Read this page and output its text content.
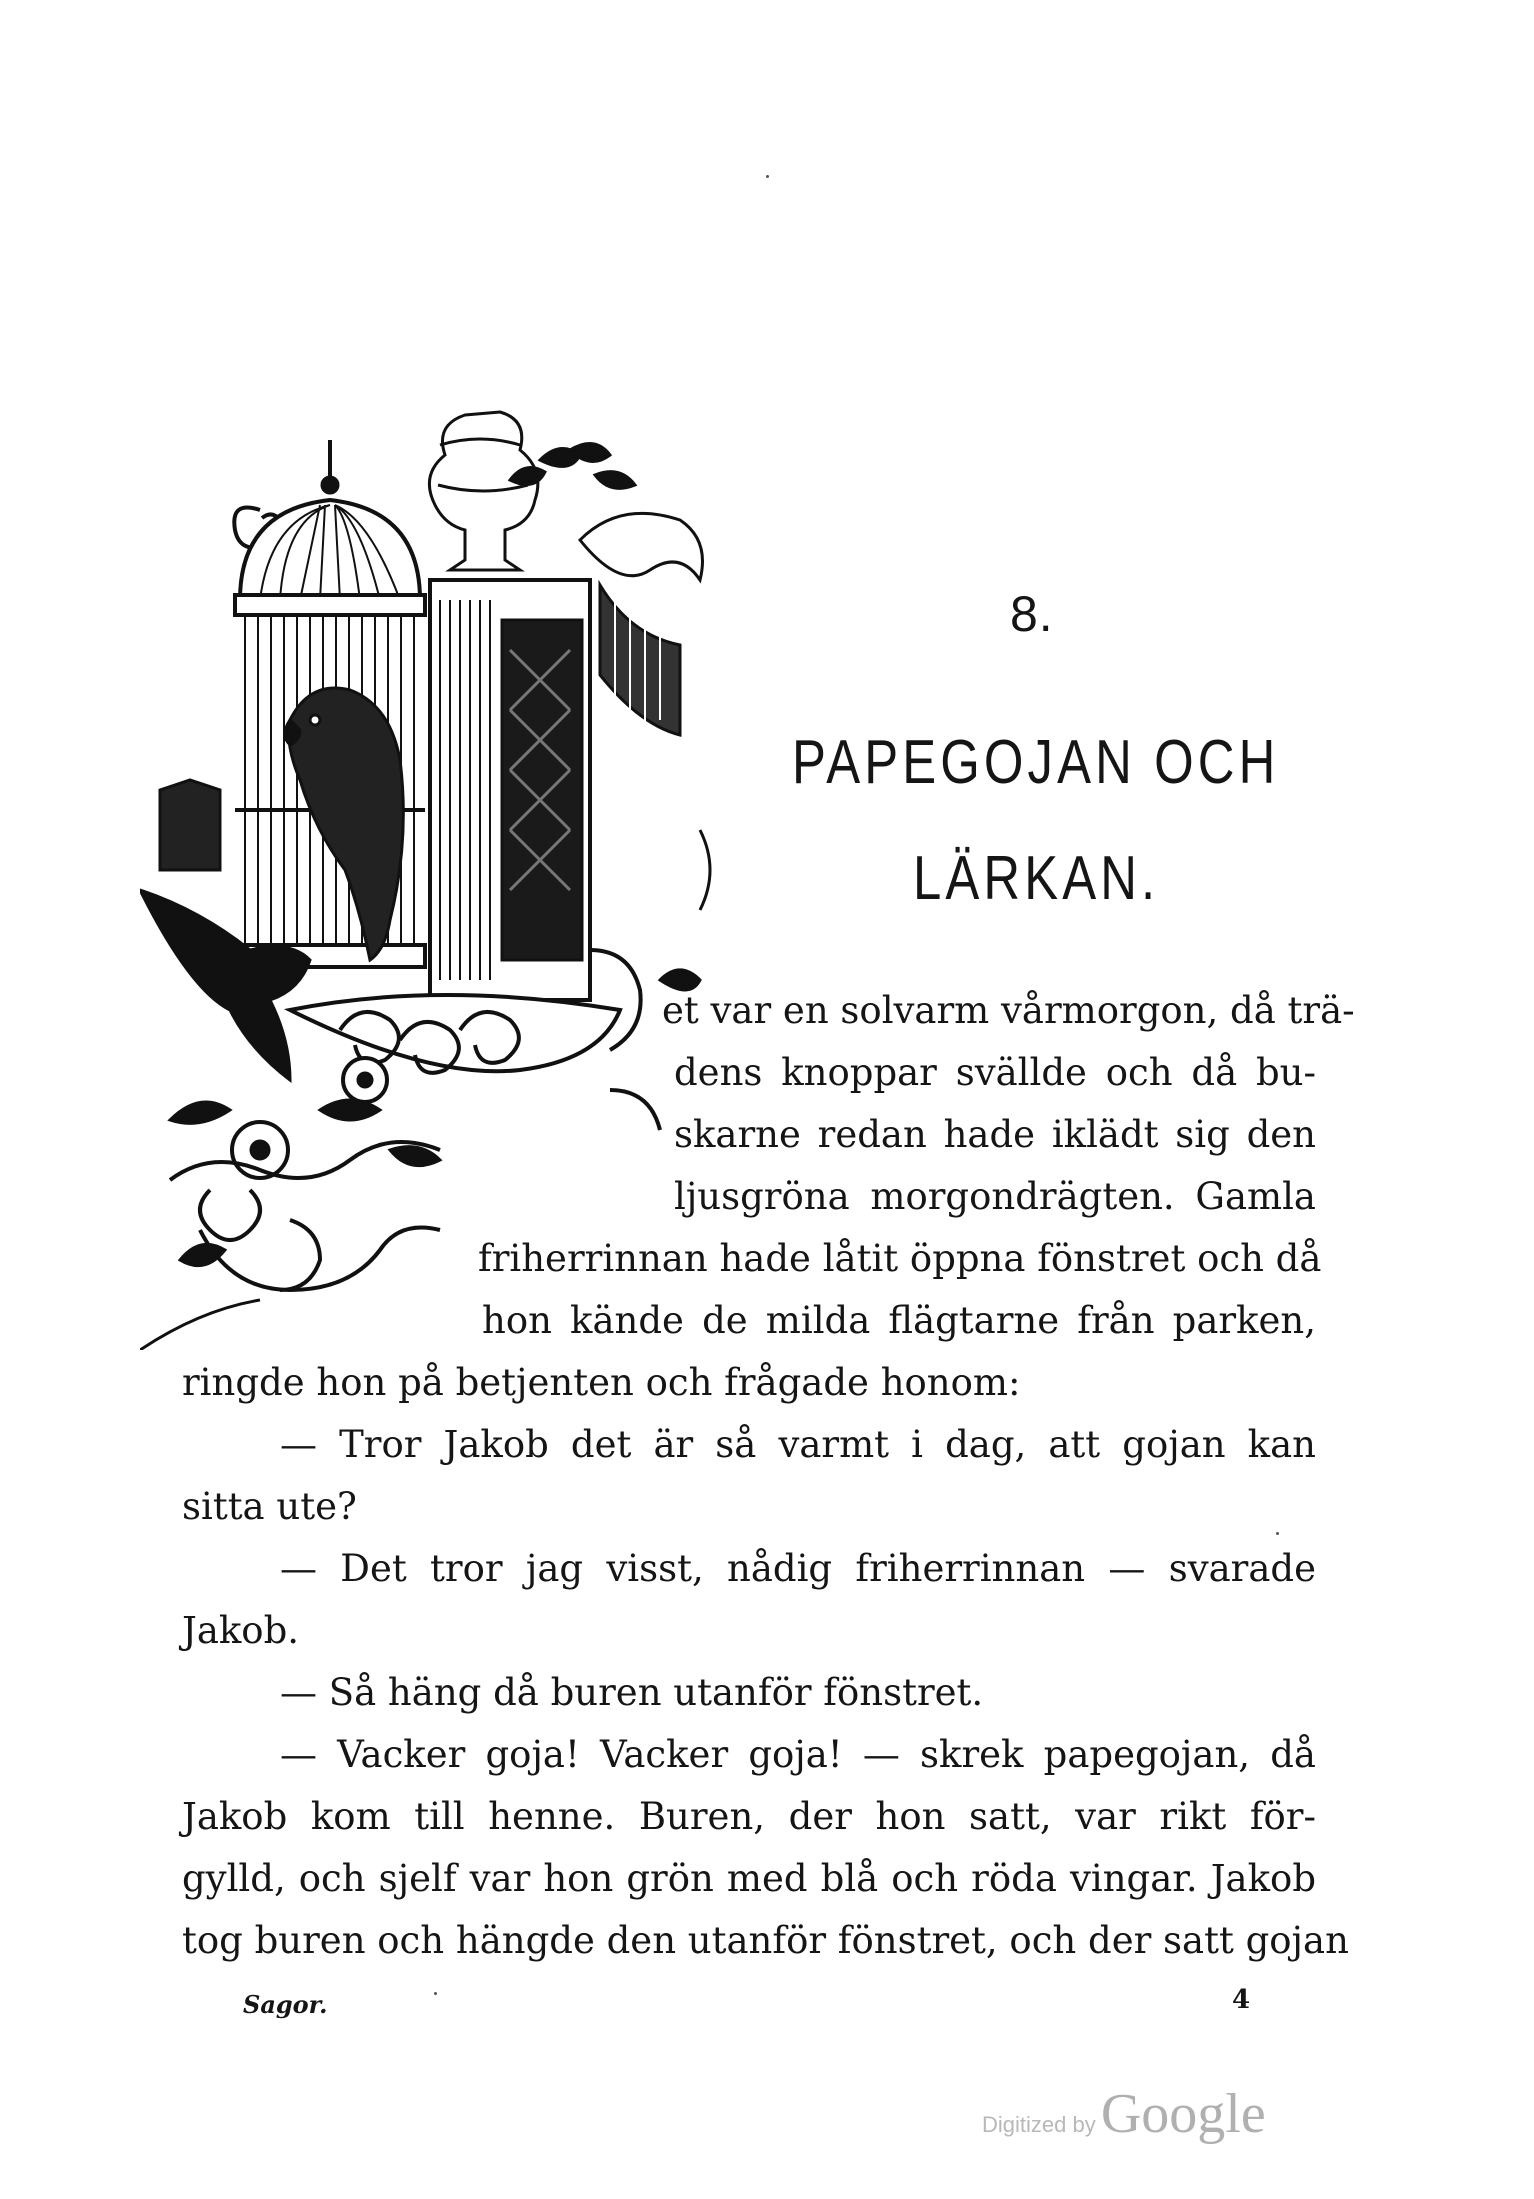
8.
PAPEGOJAN OCH
LÄRKAN.
et var en solvarm vårmorgon, då trä-
dens knoppar svällde och då bu-
skarne redan hade iklädt sig den
ljusgröna morgondrägten. Gamla
friherrinnan hade låtit öppna fönstret och då
hon kände de milda flägtarne från parken,
ringde hon på betjenten och frågade honom:
— Tror Jakob det är så varmt i dag, att gojan kan
sitta ute?
— Det tror jag visst, nådig friherrinnan — svarade
Jakob.
— Så häng då buren utanför fönstret.
— Vacker goja! Vacker goja! — skrek papegojan, då
Jakob kom till henne. Buren, der hon satt, var rikt för-
gylld, och sjelf var hon grön med blå och röda vingar. Jakob
tog buren och hängde den utanför fönstret, och der satt gojan
Sagor.	4
Digitized by Google
